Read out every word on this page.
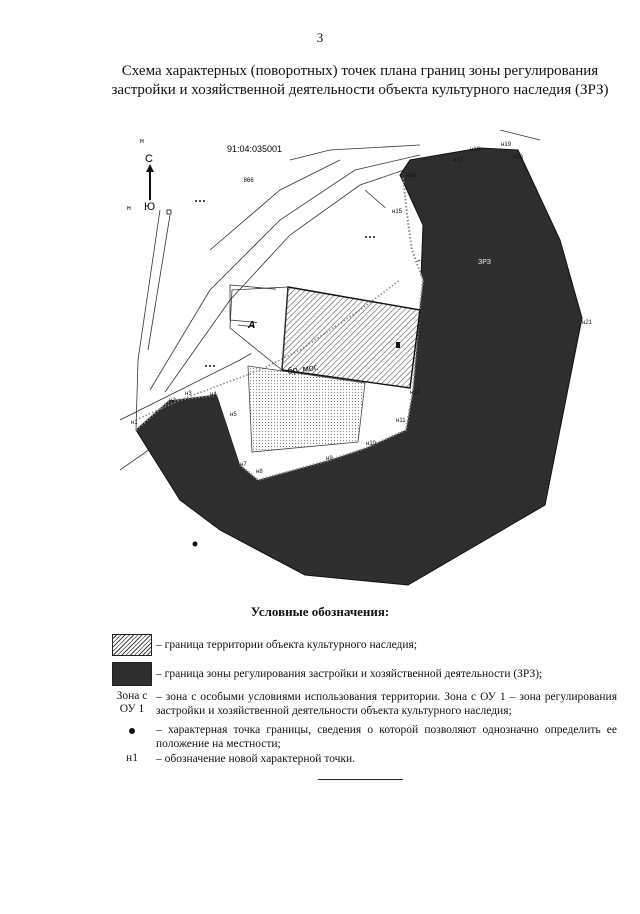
3
Схема характерных (поворотных) точек плана границ зоны регулирования застройки и хозяйственной деятельности объекта культурного наследия (ЗРЗ)
С
Ю
н
н
91:04:035001
:866
ЗРЗ
А
бр. мог.
н1
н2
н3	н4
н5
н7
н8
н9
н10
н11
н12
н15
н16
н17
н18
н19
н20
н21
Условные обозначения:
– граница территории объекта культурного наследия;
– граница зоны регулирования застройки и хозяйственной деятельности (ЗРЗ);
Зона с ОУ 1
– зона с особыми условиями использования территории. Зона с ОУ 1 – зона регулирования застройки и хозяйственной деятельности объекта культурного наследия;
– характерная точка границы, сведения о которой позволяют однозначно определить ее положение на местности;
н1	– обозначение новой характерной точки.
